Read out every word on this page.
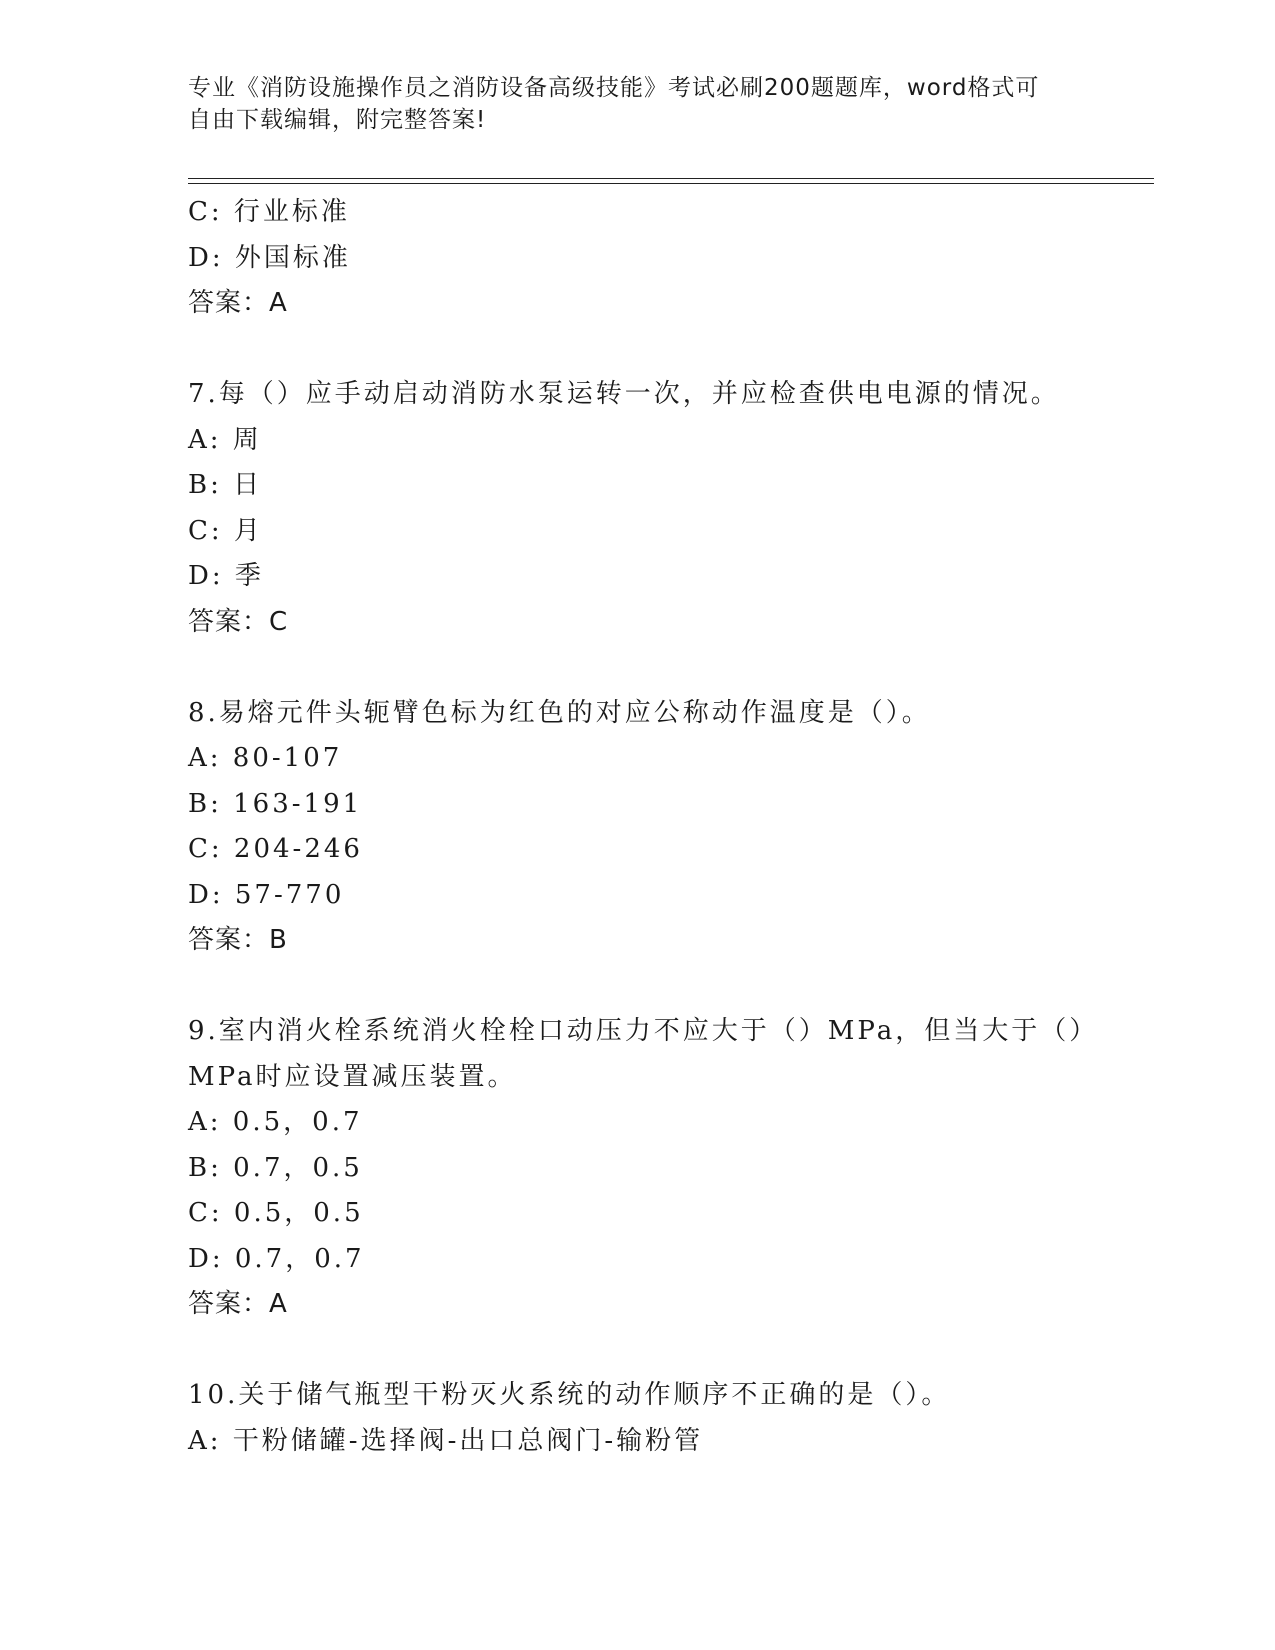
专业《消防设施操作员之消防设备高级技能》考试必刷200题题库，word格式可
自由下载编辑，附完整答案!
C: 行业标准
D: 外国标准
答案：A
7.每（）应手动启动消防水泵运转一次，并应检查供电电源的情况。
A: 周
B: 日
C: 月
D: 季
答案：C
8.易熔元件头轭臂色标为红色的对应公称动作温度是（）。
A: 80-107
B: 163-191
C: 204-246
D: 57-770
答案：B
9.室内消火栓系统消火栓栓口动压力不应大于（）MPa，但当大于（）
MPa时应设置减压装置。
A: 0.5，0.7
B: 0.7，0.5
C: 0.5，0.5
D: 0.7，0.7
答案：A
10.关于储气瓶型干粉灭火系统的动作顺序不正确的是（）。
A: 干粉储罐-选择阀-出口总阀门-输粉管
